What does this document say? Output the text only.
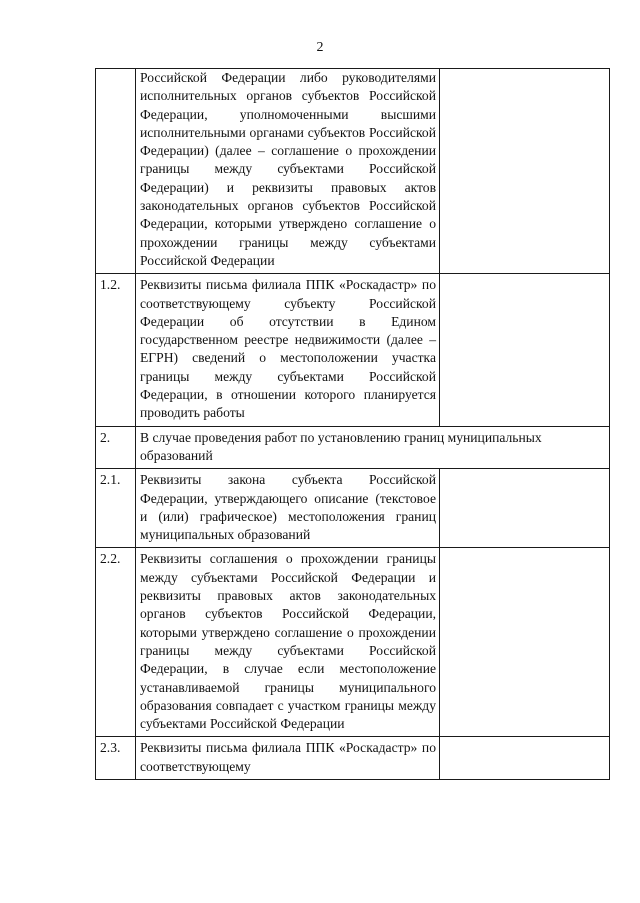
2

	Российской Федерации либо руководителями исполнительных органов субъектов Российской Федерации, уполномоченными высшими исполнительными органами субъектов Российской Федерации) (далее – соглашение о прохождении границы между субъектами Российской Федерации) и реквизиты правовых актов законодательных органов субъектов Российской Федерации, которыми утверждено соглашение о прохождении границы между субъектами Российской Федерации	

1.2.	Реквизиты письма филиала ППК «Роскадастр» по соответствующему субъекту Российской Федерации об отсутствии в Едином государственном реестре недвижимости (далее – ЕГРН) сведений о местоположении участка границы между субъектами Российской Федерации, в отношении которого планируется проводить работы	

2.	В случае проведения работ по установлению границ муниципальных образований	
2.1.	Реквизиты закона субъекта Российской Федерации, утверждающего описание (текстовое и (или) графическое) местоположения границ муниципальных образований	

2.2.	Реквизиты соглашения о прохождении границы между субъектами Российской Федерации и реквизиты правовых актов законодательных органов субъектов Российской Федерации, которыми утверждено соглашение о прохождении границы между субъектами Российской Федерации, в случае если местоположение устанавливаемой границы муниципального образования совпадает с участком границы между субъектами Российской Федерации	

2.3.	Реквизиты письма филиала ППК «Роскадастр» по соответствующему	
